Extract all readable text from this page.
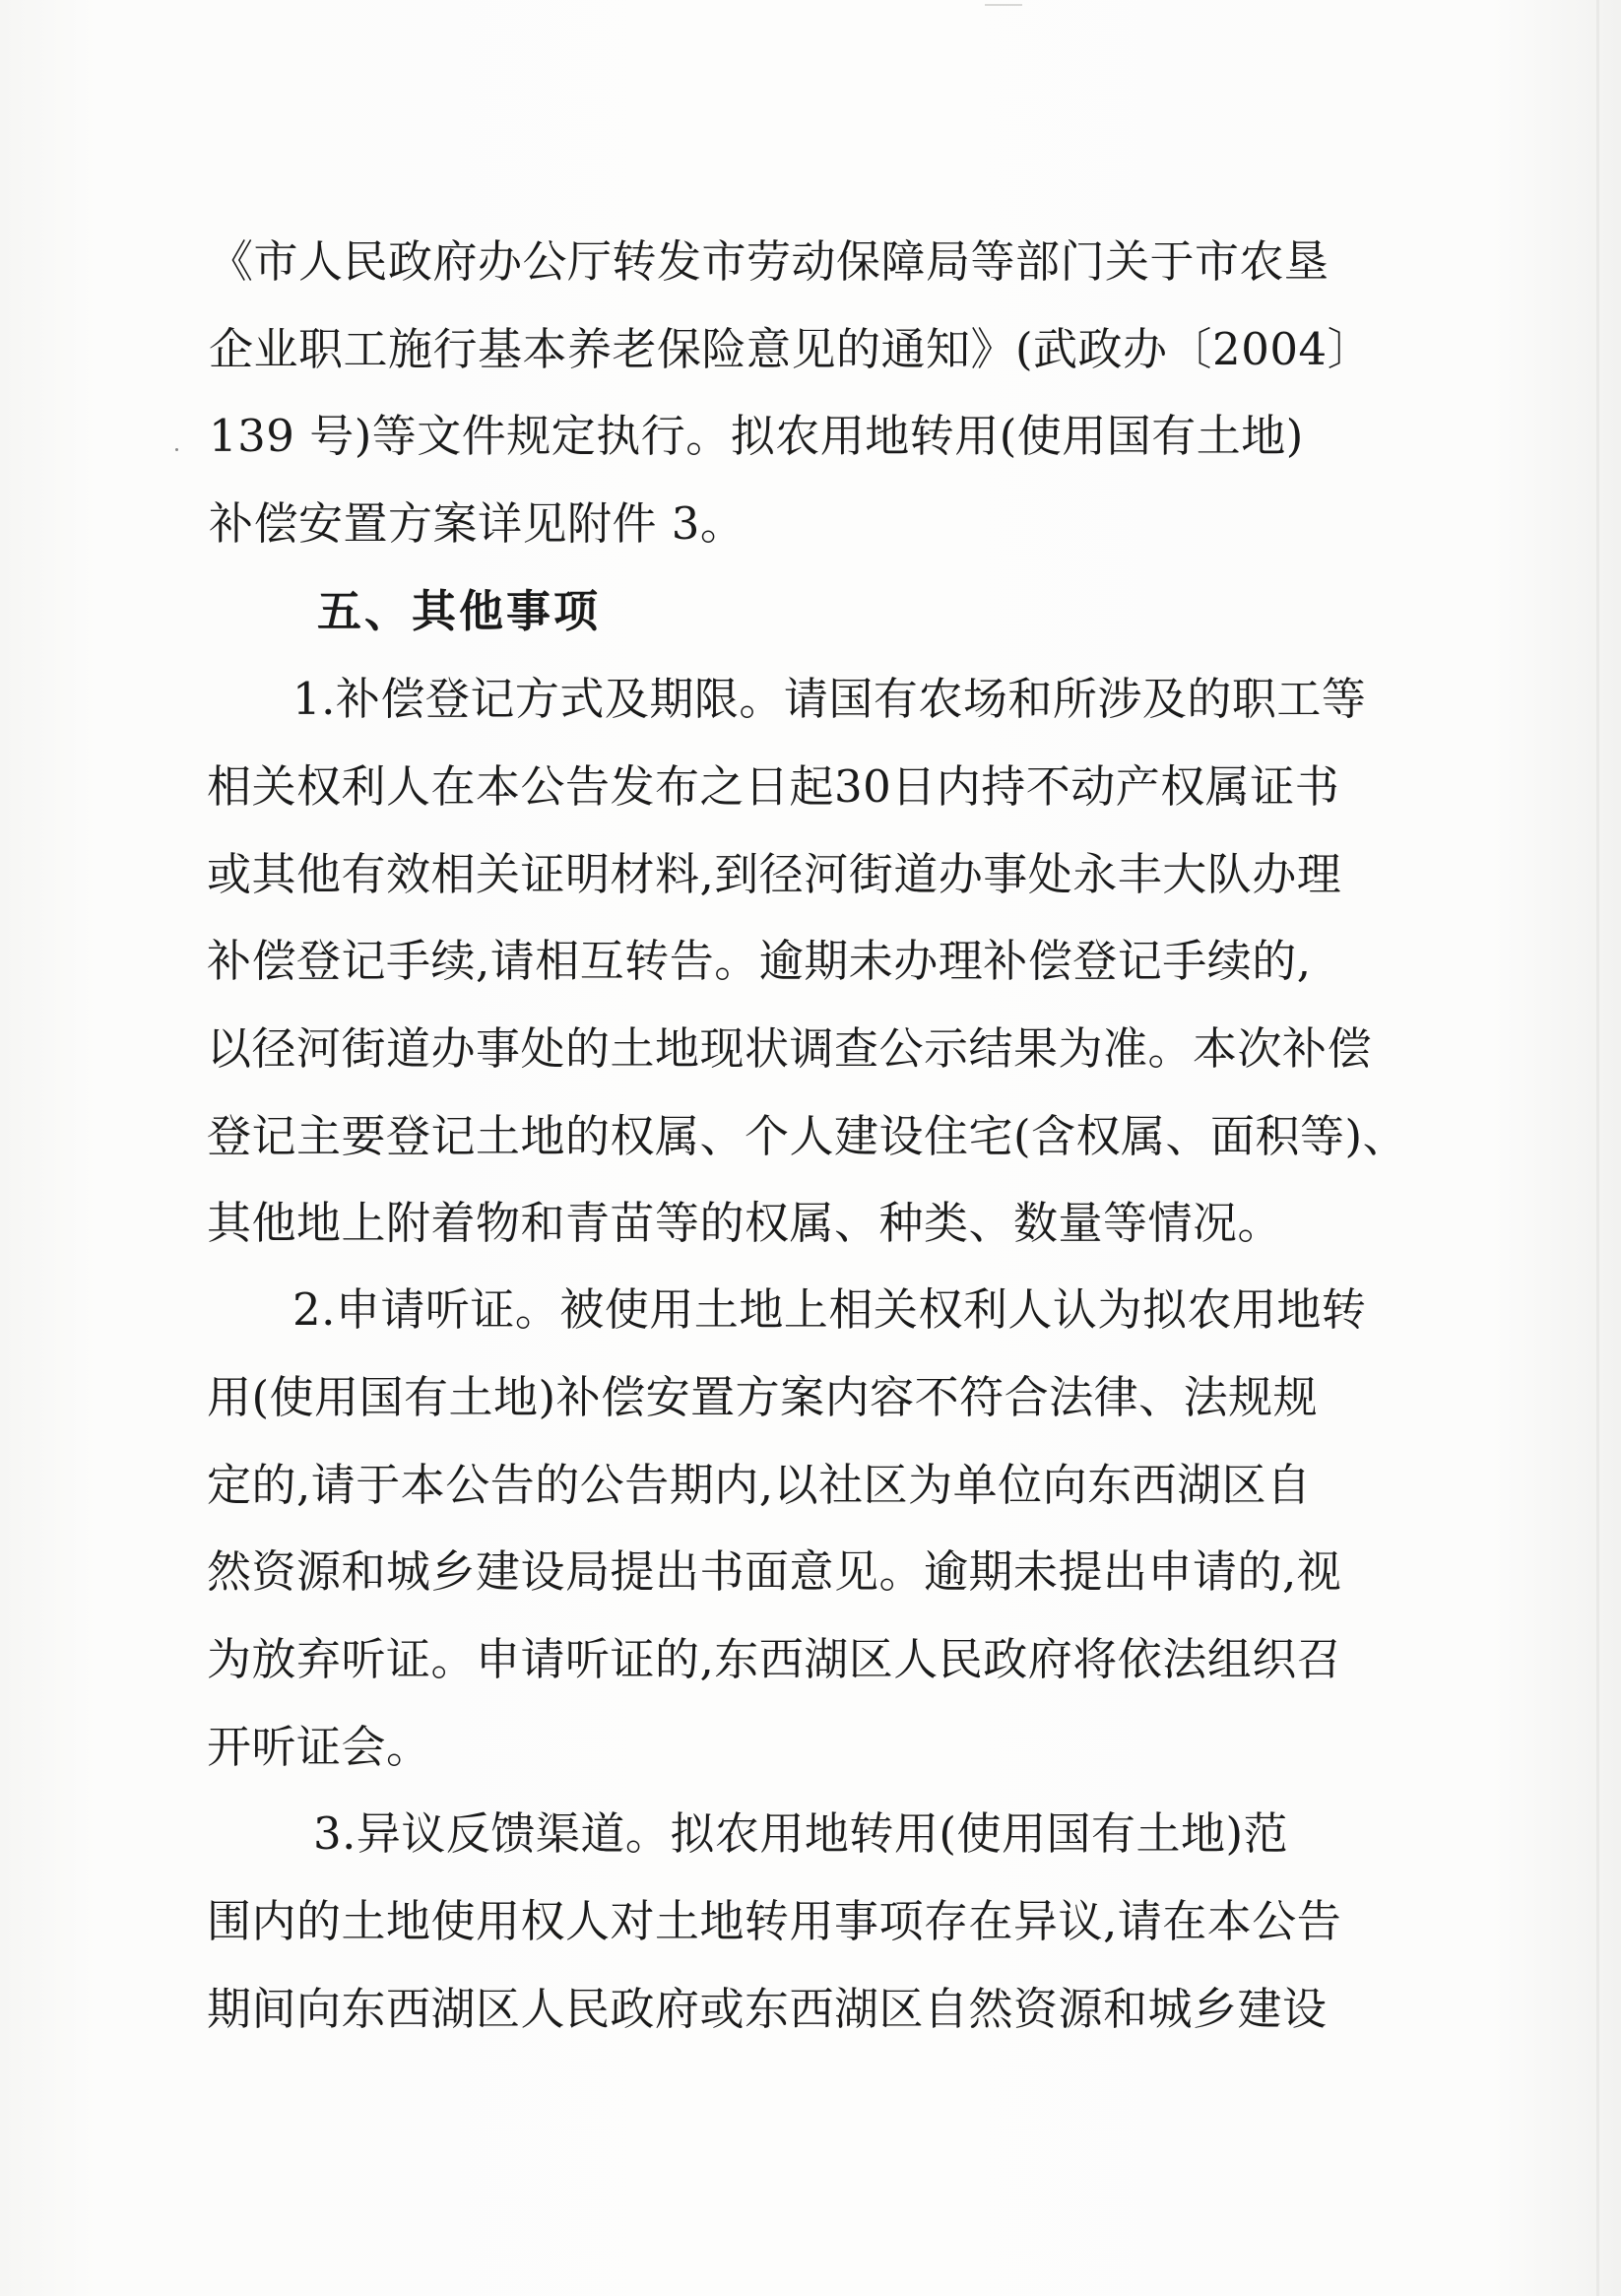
《市人民政府办公厅转发市劳动保障局等部门关于市农垦
企业职工施行基本养老保险意见的通知》(武政办〔2004〕
139 号)等文件规定执行。拟农用地转用(使用国有土地)
补偿安置方案详见附件 3。
五、其他事项
1.补偿登记方式及期限。请国有农场和所涉及的职工等
相关权利人在本公告发布之日起30日内持不动产权属证书
或其他有效相关证明材料,到径河街道办事处永丰大队办理
补偿登记手续,请相互转告。逾期未办理补偿登记手续的,
以径河街道办事处的土地现状调查公示结果为准。本次补偿
登记主要登记土地的权属、个人建设住宅(含权属、面积等)、
其他地上附着物和青苗等的权属、种类、数量等情况。
2.申请听证。被使用土地上相关权利人认为拟农用地转
用(使用国有土地)补偿安置方案内容不符合法律、法规规
定的,请于本公告的公告期内,以社区为单位向东西湖区自
然资源和城乡建设局提出书面意见。逾期未提出申请的,视
为放弃听证。申请听证的,东西湖区人民政府将依法组织召
开听证会。
3.异议反馈渠道。拟农用地转用(使用国有土地)范
围内的土地使用权人对土地转用事项存在异议,请在本公告
期间向东西湖区人民政府或东西湖区自然资源和城乡建设
